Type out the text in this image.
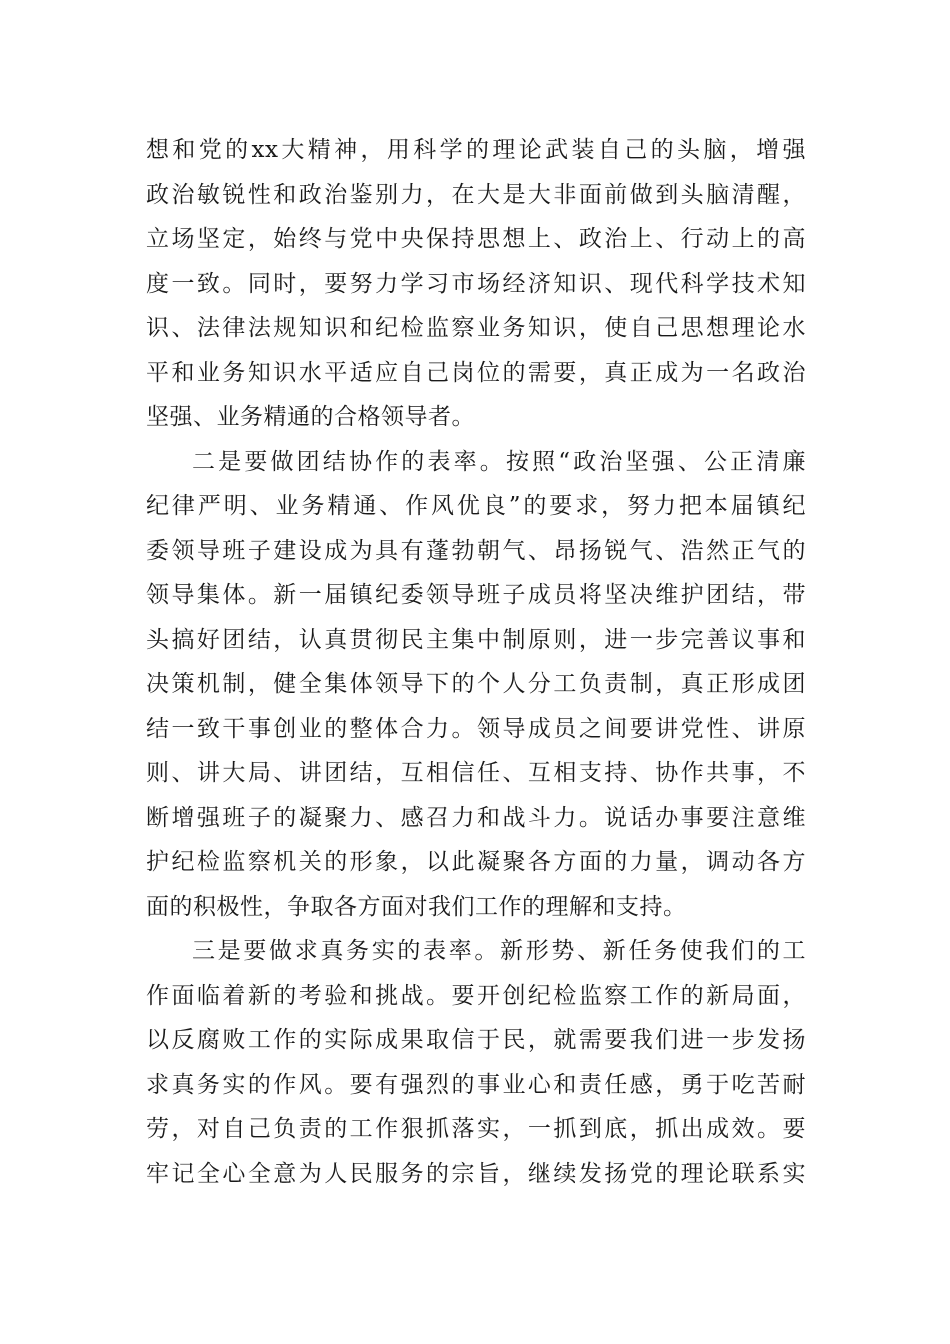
想和党的xx大精神，用科学的理论武装自己的头脑，增强
政治敏锐性和政治鉴别力，在大是大非面前做到头脑清醒，
立场坚定，始终与党中央保持思想上、政治上、行动上的高
度一致。同时，要努力学习市场经济知识、现代科学技术知
识、法律法规知识和纪检监察业务知识，使自己思想理论水
平和业务知识水平适应自己岗位的需要，真正成为一名政治
坚强、业务精通的合格领导者。
二是要做团结协作的表率。按照“政治坚强、公正清廉
纪律严明、业务精通、作风优良”的要求，努力把本届镇纪
委领导班子建设成为具有蓬勃朝气、昂扬锐气、浩然正气的
领导集体。新一届镇纪委领导班子成员将坚决维护团结，带
头搞好团结，认真贯彻民主集中制原则，进一步完善议事和
决策机制，健全集体领导下的个人分工负责制，真正形成团
结一致干事创业的整体合力。领导成员之间要讲党性、讲原
则、讲大局、讲团结，互相信任、互相支持、协作共事，不
断增强班子的凝聚力、感召力和战斗力。说话办事要注意维
护纪检监察机关的形象，以此凝聚各方面的力量，调动各方
面的积极性，争取各方面对我们工作的理解和支持。
三是要做求真务实的表率。新形势、新任务使我们的工
作面临着新的考验和挑战。要开创纪检监察工作的新局面，
以反腐败工作的实际成果取信于民，就需要我们进一步发扬
求真务实的作风。要有强烈的事业心和责任感，勇于吃苦耐
劳，对自己负责的工作狠抓落实，一抓到底，抓出成效。要
牢记全心全意为人民服务的宗旨，继续发扬党的理论联系实
